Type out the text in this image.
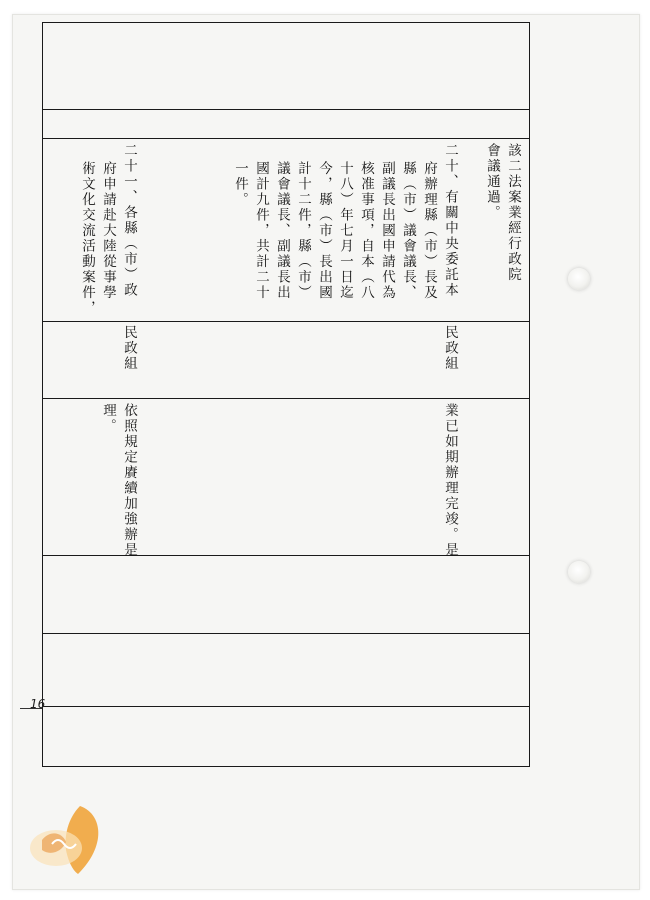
該二法案業經行政院
會議通過。
二十、有關中央委託本
府辦理縣（市）長及
縣（市）議會議長、
副議長出國申請代為
核准事項，自本（八
十八）年七月一日迄
今，縣（市）長出國
計十二件，縣（市）
議會議長、副議長出
國計九件，共計二十
一件。
民政組
業已如期辦理完竣。是
二十一、各縣（市）政
府申請赴大陸從事學
術文化交流活動案件，
民政組
依照規定賡續加強辦是
理。
16
